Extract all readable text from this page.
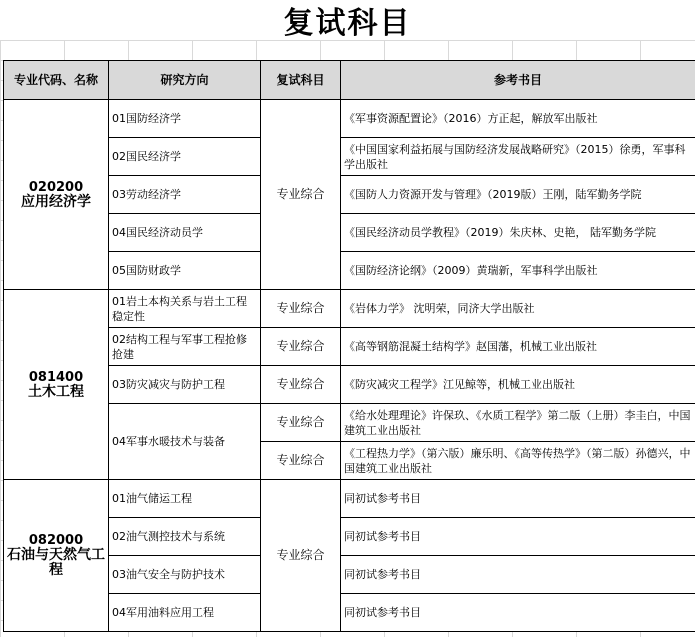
复试科目
专业代码、名称	研究方向	复试科目	参考书目

020200
应用经济学	01国防经济学	专业综合	《军事资源配置论》（2016）方正起，解放军出版社
	02国民经济学		《中国国家利益拓展与国防经济发展战略研究》（2015）徐勇，军事科学出版社
	03劳动经济学		《国防人力资源开发与管理》（2019版）王刚，陆军勤务学院
	04国民经济动员学		《国民经济动员学教程》（2019）朱庆林、史艳， 陆军勤务学院
	05国防财政学		《国防经济论纲》（2009）黄瑞新，军事科学出版社

081400
土木工程	01岩土本构关系与岩土工程稳定性	专业综合	《岩体力学》 沈明荣，同济大学出版社
	02结构工程与军事工程抢修抢建	专业综合	《高等钢筋混凝土结构学》赵国藩，机械工业出版社
	03防灾减灾与防护工程	专业综合	《防灾减灾工程学》江见鲸等，机械工业出版社
	04军事水暖技术与装备	专业综合	《给水处理理论》许保玖、《水质工程学》第二版（上册）李圭白，中国建筑工业出版社
		专业综合	《工程热力学》（第六版）廉乐明、《高等传热学》（第二版）孙德兴，中国建筑工业出版社

082000
石油与天然气工程	01油气储运工程	专业综合	同初试参考书目
	02油气测控技术与系统		同初试参考书目
	03油气安全与防护技术		同初试参考书目
	04军用油料应用工程		同初试参考书目
